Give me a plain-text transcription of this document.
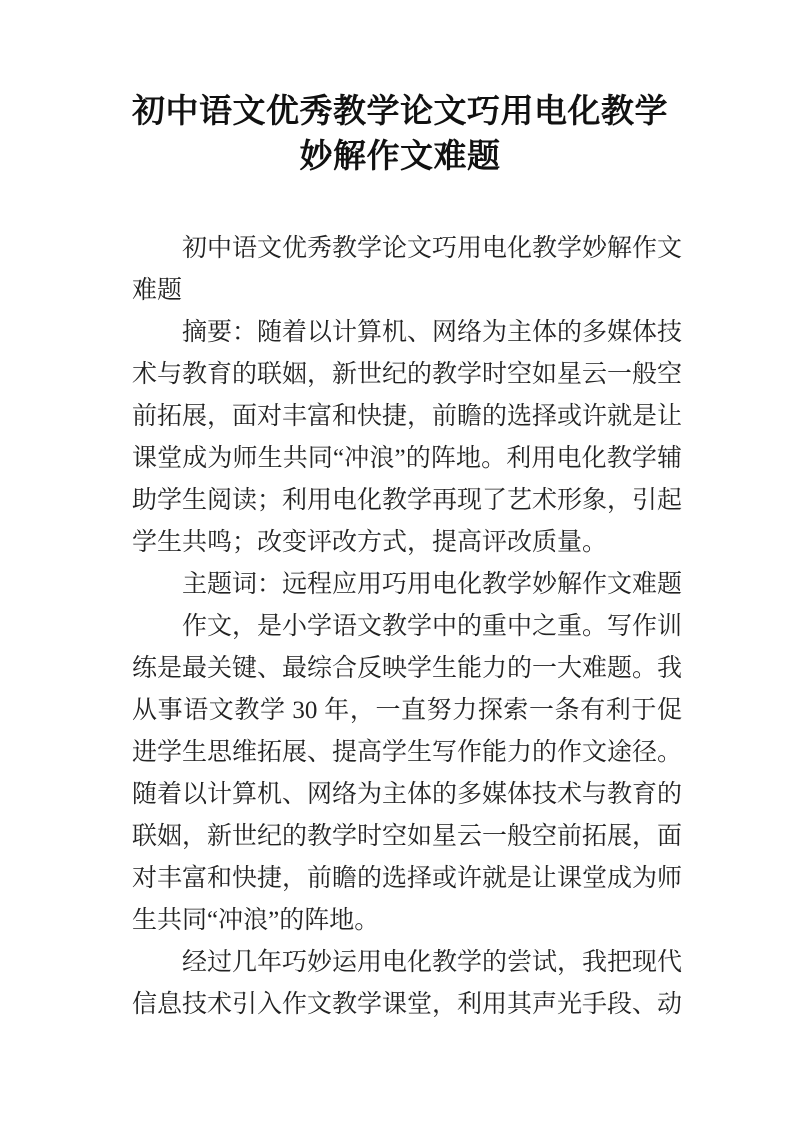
初中语文优秀教学论文巧用电化教学
妙解作文难题

初中语文优秀教学论文巧用电化教学妙解作文难题

摘要：随着以计算机、网络为主体的多媒体技术与教育的联姻，新世纪的教学时空如星云一般空前拓展，面对丰富和快捷，前瞻的选择或许就是让课堂成为师生共同“冲浪”的阵地。利用电化教学辅助学生阅读；利用电化教学再现了艺术形象，引起学生共鸣；改变评改方式，提高评改质量。

主题词：远程应用巧用电化教学妙解作文难题

作文，是小学语文教学中的重中之重。写作训练是最关键、最综合反映学生能力的一大难题。我从事语文教学 30 年，一直努力探索一条有利于促进学生思维拓展、提高学生写作能力的作文途径。随着以计算机、网络为主体的多媒体技术与教育的联姻，新世纪的教学时空如星云一般空前拓展，面对丰富和快捷，前瞻的选择或许就是让课堂成为师生共同“冲浪”的阵地。

经过几年巧妙运用电化教学的尝试，我把现代信息技术引入作文教学课堂，利用其声光手段、动
